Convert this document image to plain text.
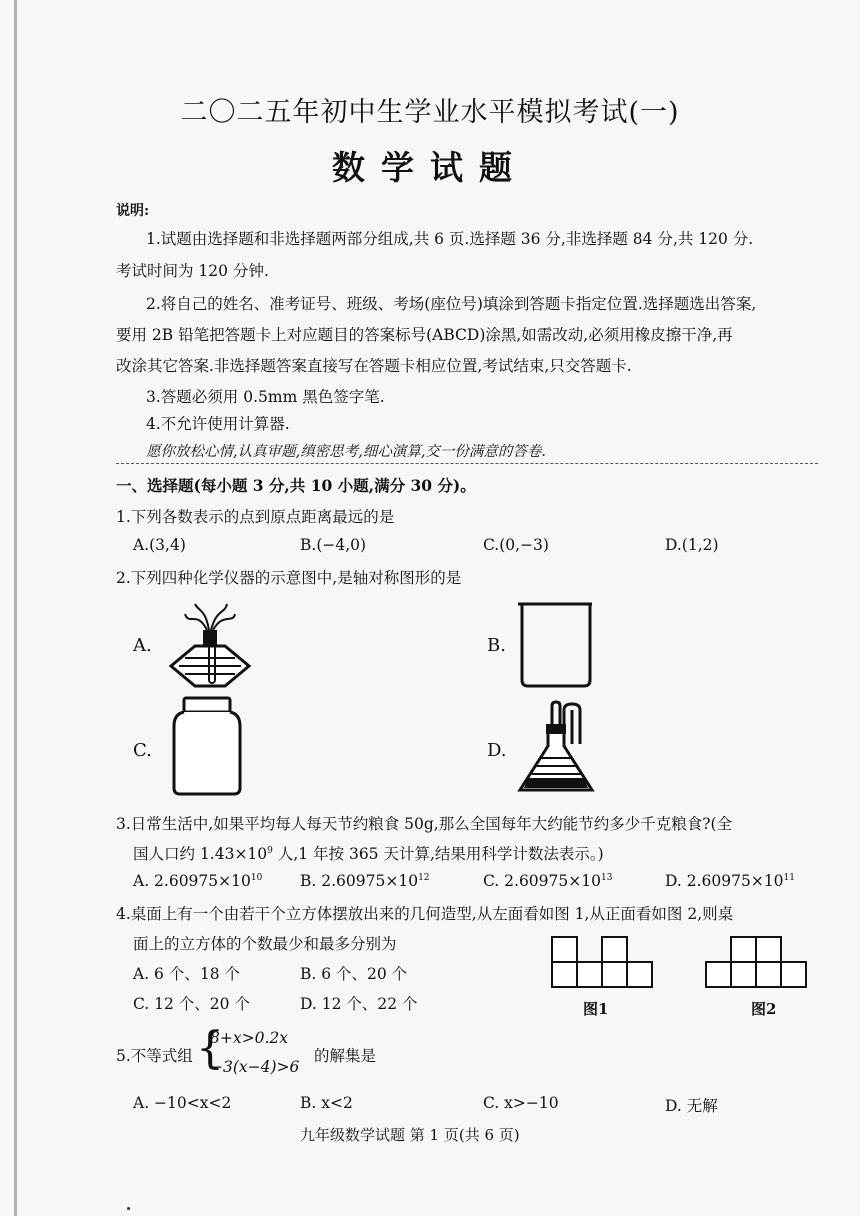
二〇二五年初中生学业水平模拟考试(一)
数学试题
说明:
1.试题由选择题和非选择题两部分组成,共 6 页.选择题 36 分,非选择题 84 分,共 120 分.
考试时间为 120 分钟.
2.将自己的姓名、准考证号、班级、考场(座位号)填涂到答题卡指定位置.选择题选出答案,
要用 2B 铅笔把答题卡上对应题目的答案标号(ABCD)涂黑,如需改动,必须用橡皮擦干净,再
改涂其它答案.非选择题答案直接写在答题卡相应位置,考试结束,只交答题卡.
3.答题必须用 0.5mm 黑色签字笔.
4.不允许使用计算器.
愿你放松心情,认真审题,缜密思考,细心演算,交一份满意的答卷.
一、选择题(每小题 3 分,共 10 小题,满分 30 分)。
1.下列各数表示的点到原点距离最远的是
A.(3,4)	B.(−4,0)	C.(0,−3)	D.(1,2)
2.下列四种化学仪器的示意图中,是轴对称图形的是
A.	B.
C.	D.
3.日常生活中,如果平均每人每天节约粮食 50g,那么全国每年大约能节约多少千克粮食?(全
国人口约 $1.43\times 10^9$ 人,1 年按 365 天计算,结果用科学计数法表示。)
A. $2.60975\times 10^{10}$ B. $2.60975\times 10^{12}$	C. $2.60975\times 10^{13}$	D. $2.60975\times 10^{11}$
4.桌面上有一个由若干个立方体摆放出来的几何造型,从左面看如图 1,从正面看如图 2,则桌
面上的立方体的个数最少和最多分别为
A. 6 个、18 个	B. 6 个、20 个
C. 12 个、20 个	D. 12 个、22 个	图1	图2
5.不等式组 {
8+x>0.2x
−3(x−4)>6
的解集是
A. −10<x<2	B. x<2	C. x>−10	D. 无解
九年级数学试题 第 1 页(共 6 页)
